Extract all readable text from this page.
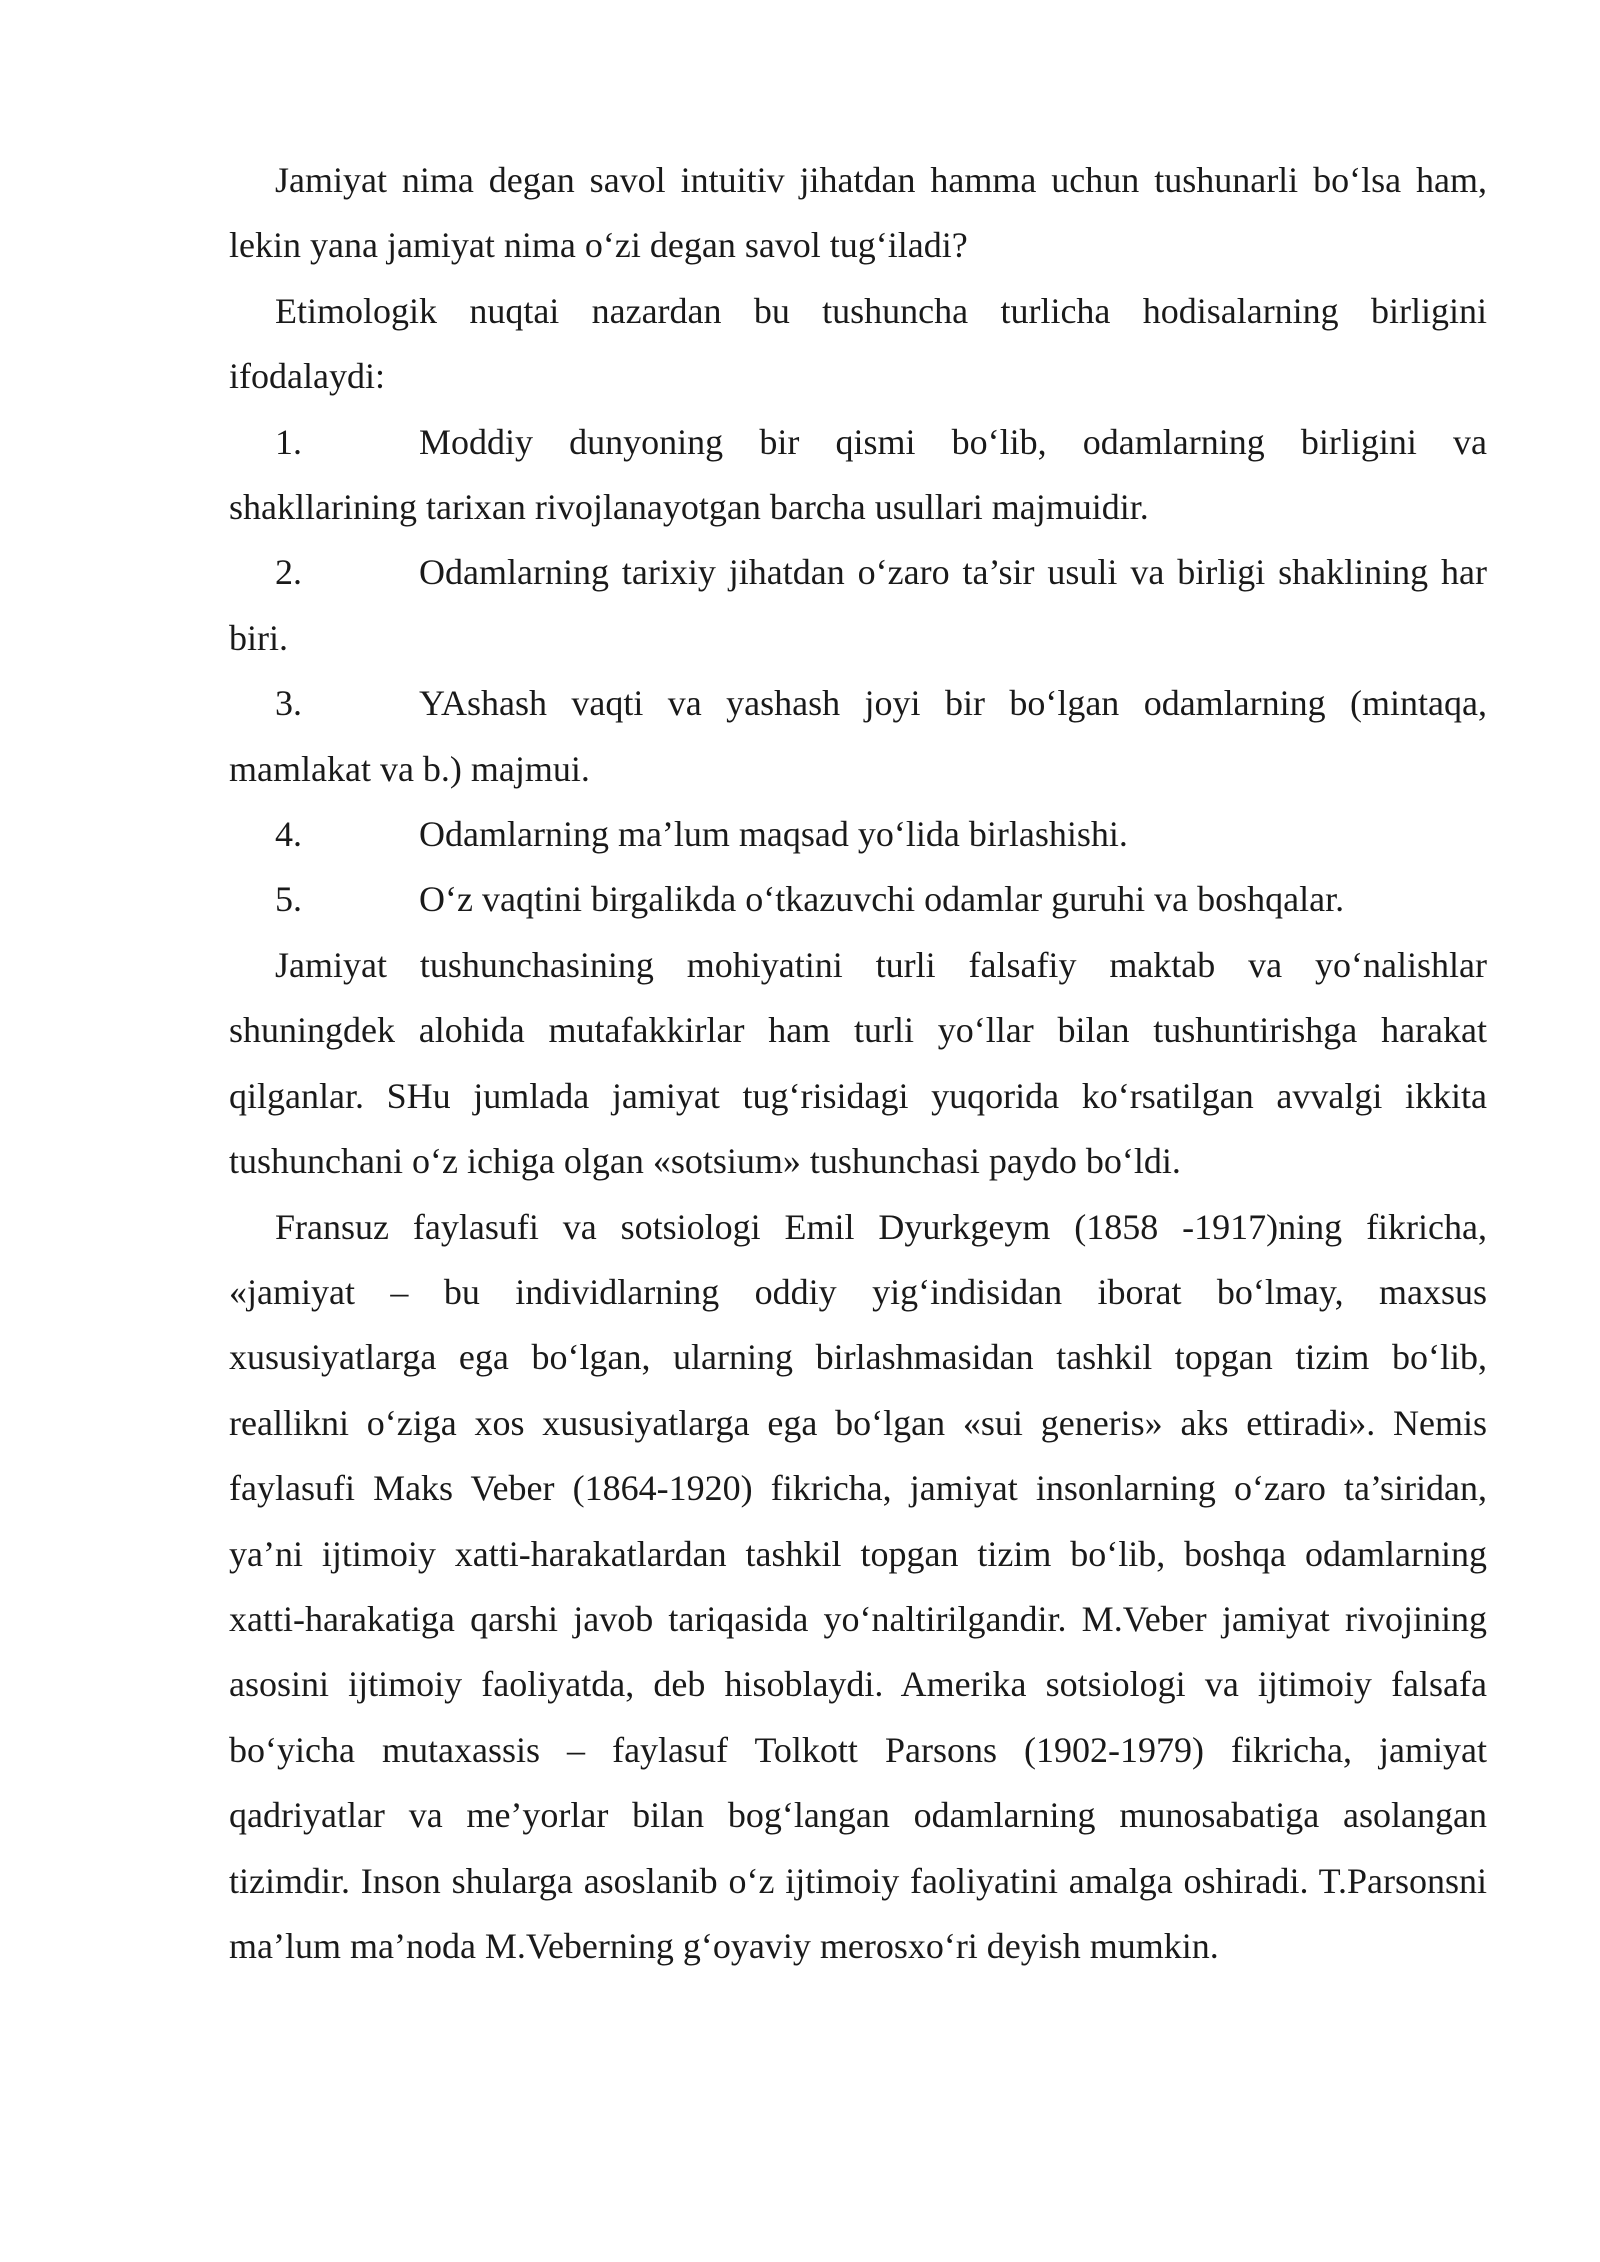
Jamiyat nima degan savol intuitiv jihatdan hamma uchun tushunarli bo‘lsa ham, lekin yana jamiyat nima o‘zi degan savol tug‘iladi?

Etimologik nuqtai nazardan bu tushuncha turlicha hodisalarning birligini ifodalaydi:

1.	Moddiy dunyoning bir qismi bo‘lib, odamlarning birligini va shakllarining tarixan rivojlanayotgan barcha usullari majmuidir.

2.	Odamlarning tarixiy jihatdan o‘zaro ta’sir usuli va birligi shaklining har biri.

3.	YAshash vaqti va yashash joyi bir bo‘lgan odamlarning (mintaqa, mamlakat va b.) majmui.

4.	Odamlarning ma’lum maqsad yo‘lida birlashishi.

5.	O‘z vaqtini birgalikda o‘tkazuvchi odamlar guruhi va boshqalar.

Jamiyat tushunchasining mohiyatini turli falsafiy maktab va yo‘nalishlar shuningdek alohida mutafakkirlar ham turli yo‘llar bilan tushuntirishga harakat qilganlar. SHu jumlada jamiyat tug‘risidagi yuqorida ko‘rsatilgan avvalgi ikkita tushunchani o‘z ichiga olgan «sotsium» tushunchasi paydo bo‘ldi.

Fransuz faylasufi va sotsiologi Emil Dyurkgeym (1858 -1917)ning fikricha, «jamiyat – bu individlarning oddiy yig‘indisidan iborat bo‘lmay, maxsus xususiyatlarga ega bo‘lgan, ularning birlashmasidan tashkil topgan tizim bo‘lib, reallikni o‘ziga xos xususiyatlarga ega bo‘lgan «sui generis» aks ettiradi». Nemis faylasufi Maks Veber (1864-1920) fikricha, jamiyat insonlarning o‘zaro ta’siridan, ya’ni ijtimoiy xatti-harakatlardan tashkil topgan tizim bo‘lib, boshqa odamlarning xatti-harakatiga qarshi javob tariqasida yo‘naltirilgandir. M.Veber jamiyat rivojining asosini ijtimoiy faoliyatda, deb hisoblaydi. Amerika sotsiologi va ijtimoiy falsafa bo‘yicha mutaxassis – faylasuf Tolkott Parsons (1902-1979) fikricha, jamiyat qadriyatlar va me’yorlar bilan bog‘langan odamlarning munosabatiga asolangan tizimdir. Inson shularga asoslanib o‘z ijtimoiy faoliyatini amalga oshiradi. T.Parsonsni ma’lum ma’noda M.Veberning g‘oyaviy merosxo‘ri deyish mumkin.
